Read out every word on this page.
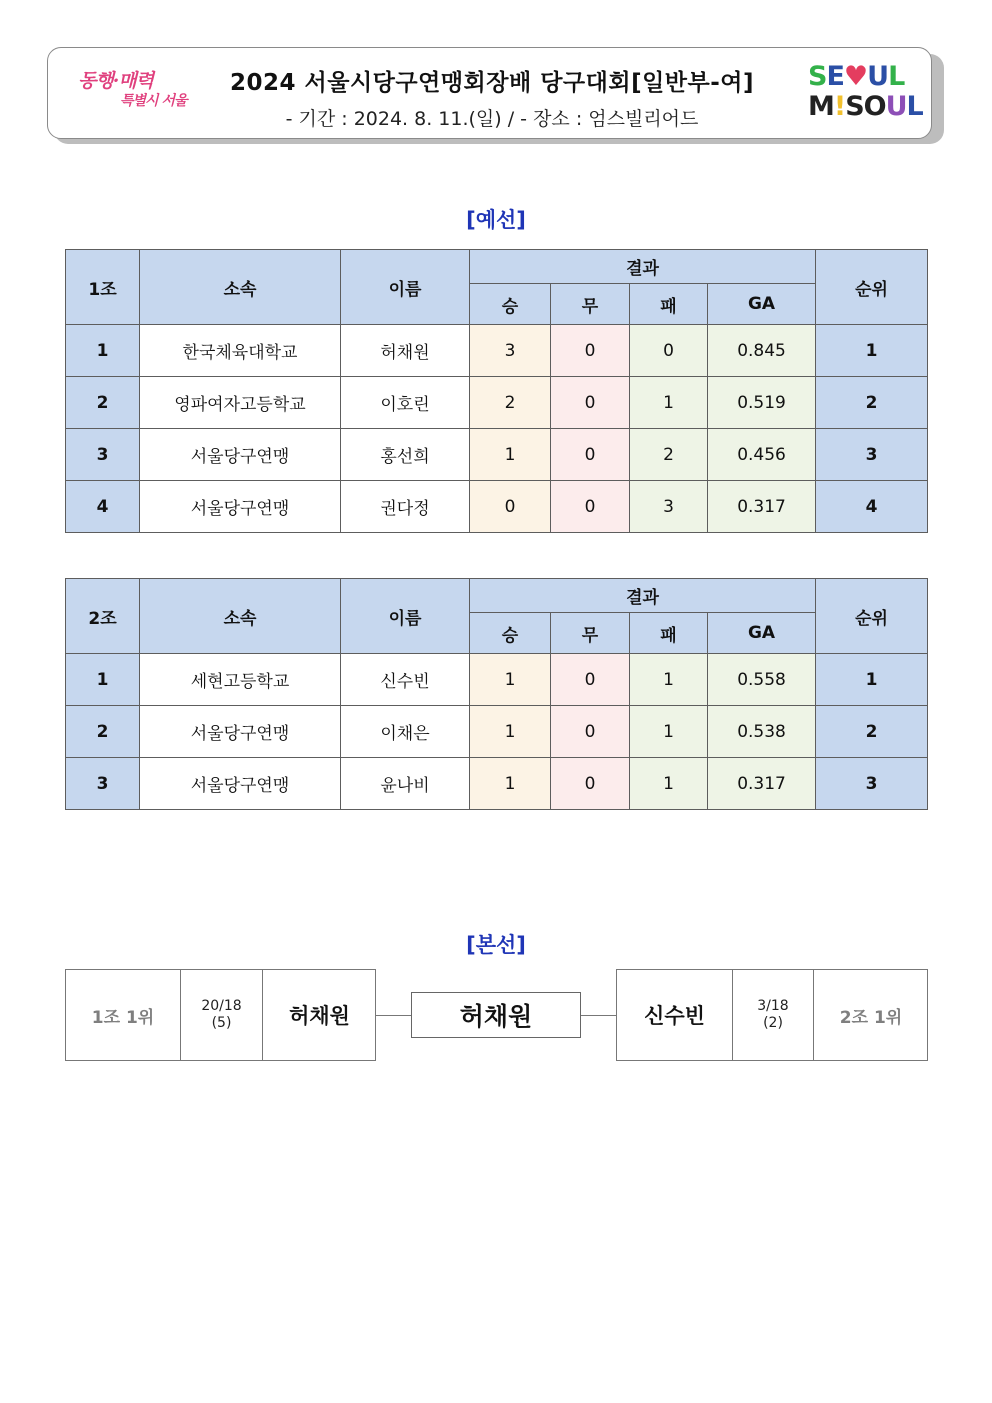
동행·매력
특별시 서울
2024 서울시당구연맹회장배 당구대회[일반부-여]
- 기간 : 2024. 8. 11.(일) / - 장소 : 엄스빌리어드
S E ♥ U L
M ! S O U L
[예선]
1조	소속	이름	결과				순위
			승	무	패	GA	
1	한국체육대학교	허채원	3	0	0	0.845	1
2	영파여자고등학교	이호린	2	0	1	0.519	2
3	서울당구연맹	홍선희	1	0	2	0.456	3
4	서울당구연맹	권다정	0	0	3	0.317	4
2조	소속	이름	결과				순위
			승	무	패	GA	
1	세현고등학교	신수빈	1	0	1	0.558	1
2	서울당구연맹	이채은	1	0	1	0.538	2
3	서울당구연맹	윤나비	1	0	1	0.317	3
[본선]
1조 1위
20/18
(5)	허채원	허채원	신수빈	3/18
(2)	2조 1위
